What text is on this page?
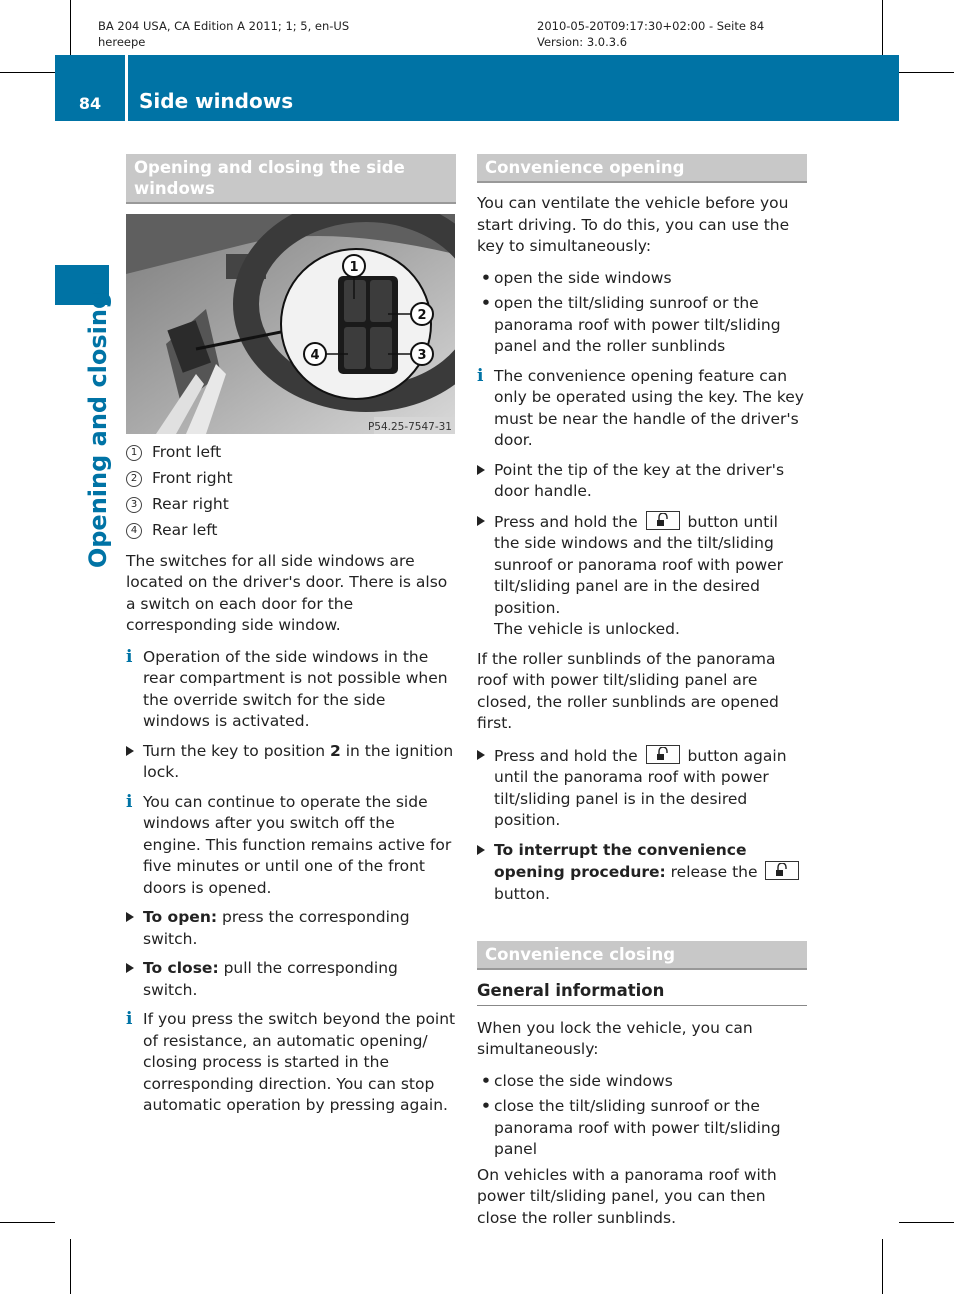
BA 204 USA, CA Edition A 2011; 1; 5, en-US
hereepe
2010-05-20T09:17:30+02:00 - Seite 84
Version: 3.0.3.6
84	Side windows
Opening and closing
Opening and closing the side windows
1
2
3
4
P54.25-7547-31
1 Front left
2 Front right
3 Rear right
4 Rear left

The switches for all side windows are located on the driver's door. There is also a switch on each door for the corresponding side window.

i Operation of the side windows in the rear compartment is not possible when the override switch for the side windows is activated.
Turn the key to position 2 in the ignition lock.
i You can continue to operate the side windows after you switch off the engine. This function remains active for five minutes or until one of the front doors is opened.
To open: press the corresponding switch.
To close: pull the corresponding switch.
i If you press the switch beyond the point of resistance, an automatic opening/ closing process is started in the corresponding direction. You can stop automatic operation by pressing again.
Convenience opening

You can ventilate the vehicle before you start driving. To do this, you can use the key to simultaneously:

• open the side windows
• open the tilt/sliding sunroof or the panorama roof with power tilt/sliding panel and the roller sunblinds
i The convenience opening feature can only be operated using the key. The key must be near the handle of the driver's door.
Point the tip of the key at the driver's door handle.
Press and hold the	button until the side windows and the tilt/sliding sunroof or panorama roof with power tilt/sliding panel are in the desired position.
The vehicle is unlocked.

If the roller sunblinds of the panorama roof with power tilt/sliding panel are closed, the roller sunblinds are opened first.

Press and hold the	button again until the panorama roof with power tilt/sliding panel is in the desired position.
To interrupt the convenience opening procedure: release the
button.
Convenience closing
General information

When you lock the vehicle, you can simultaneously:

• close the side windows
• close the tilt/sliding sunroof or the panorama roof with power tilt/sliding panel

On vehicles with a panorama roof with power tilt/sliding panel, you can then close the roller sunblinds.
